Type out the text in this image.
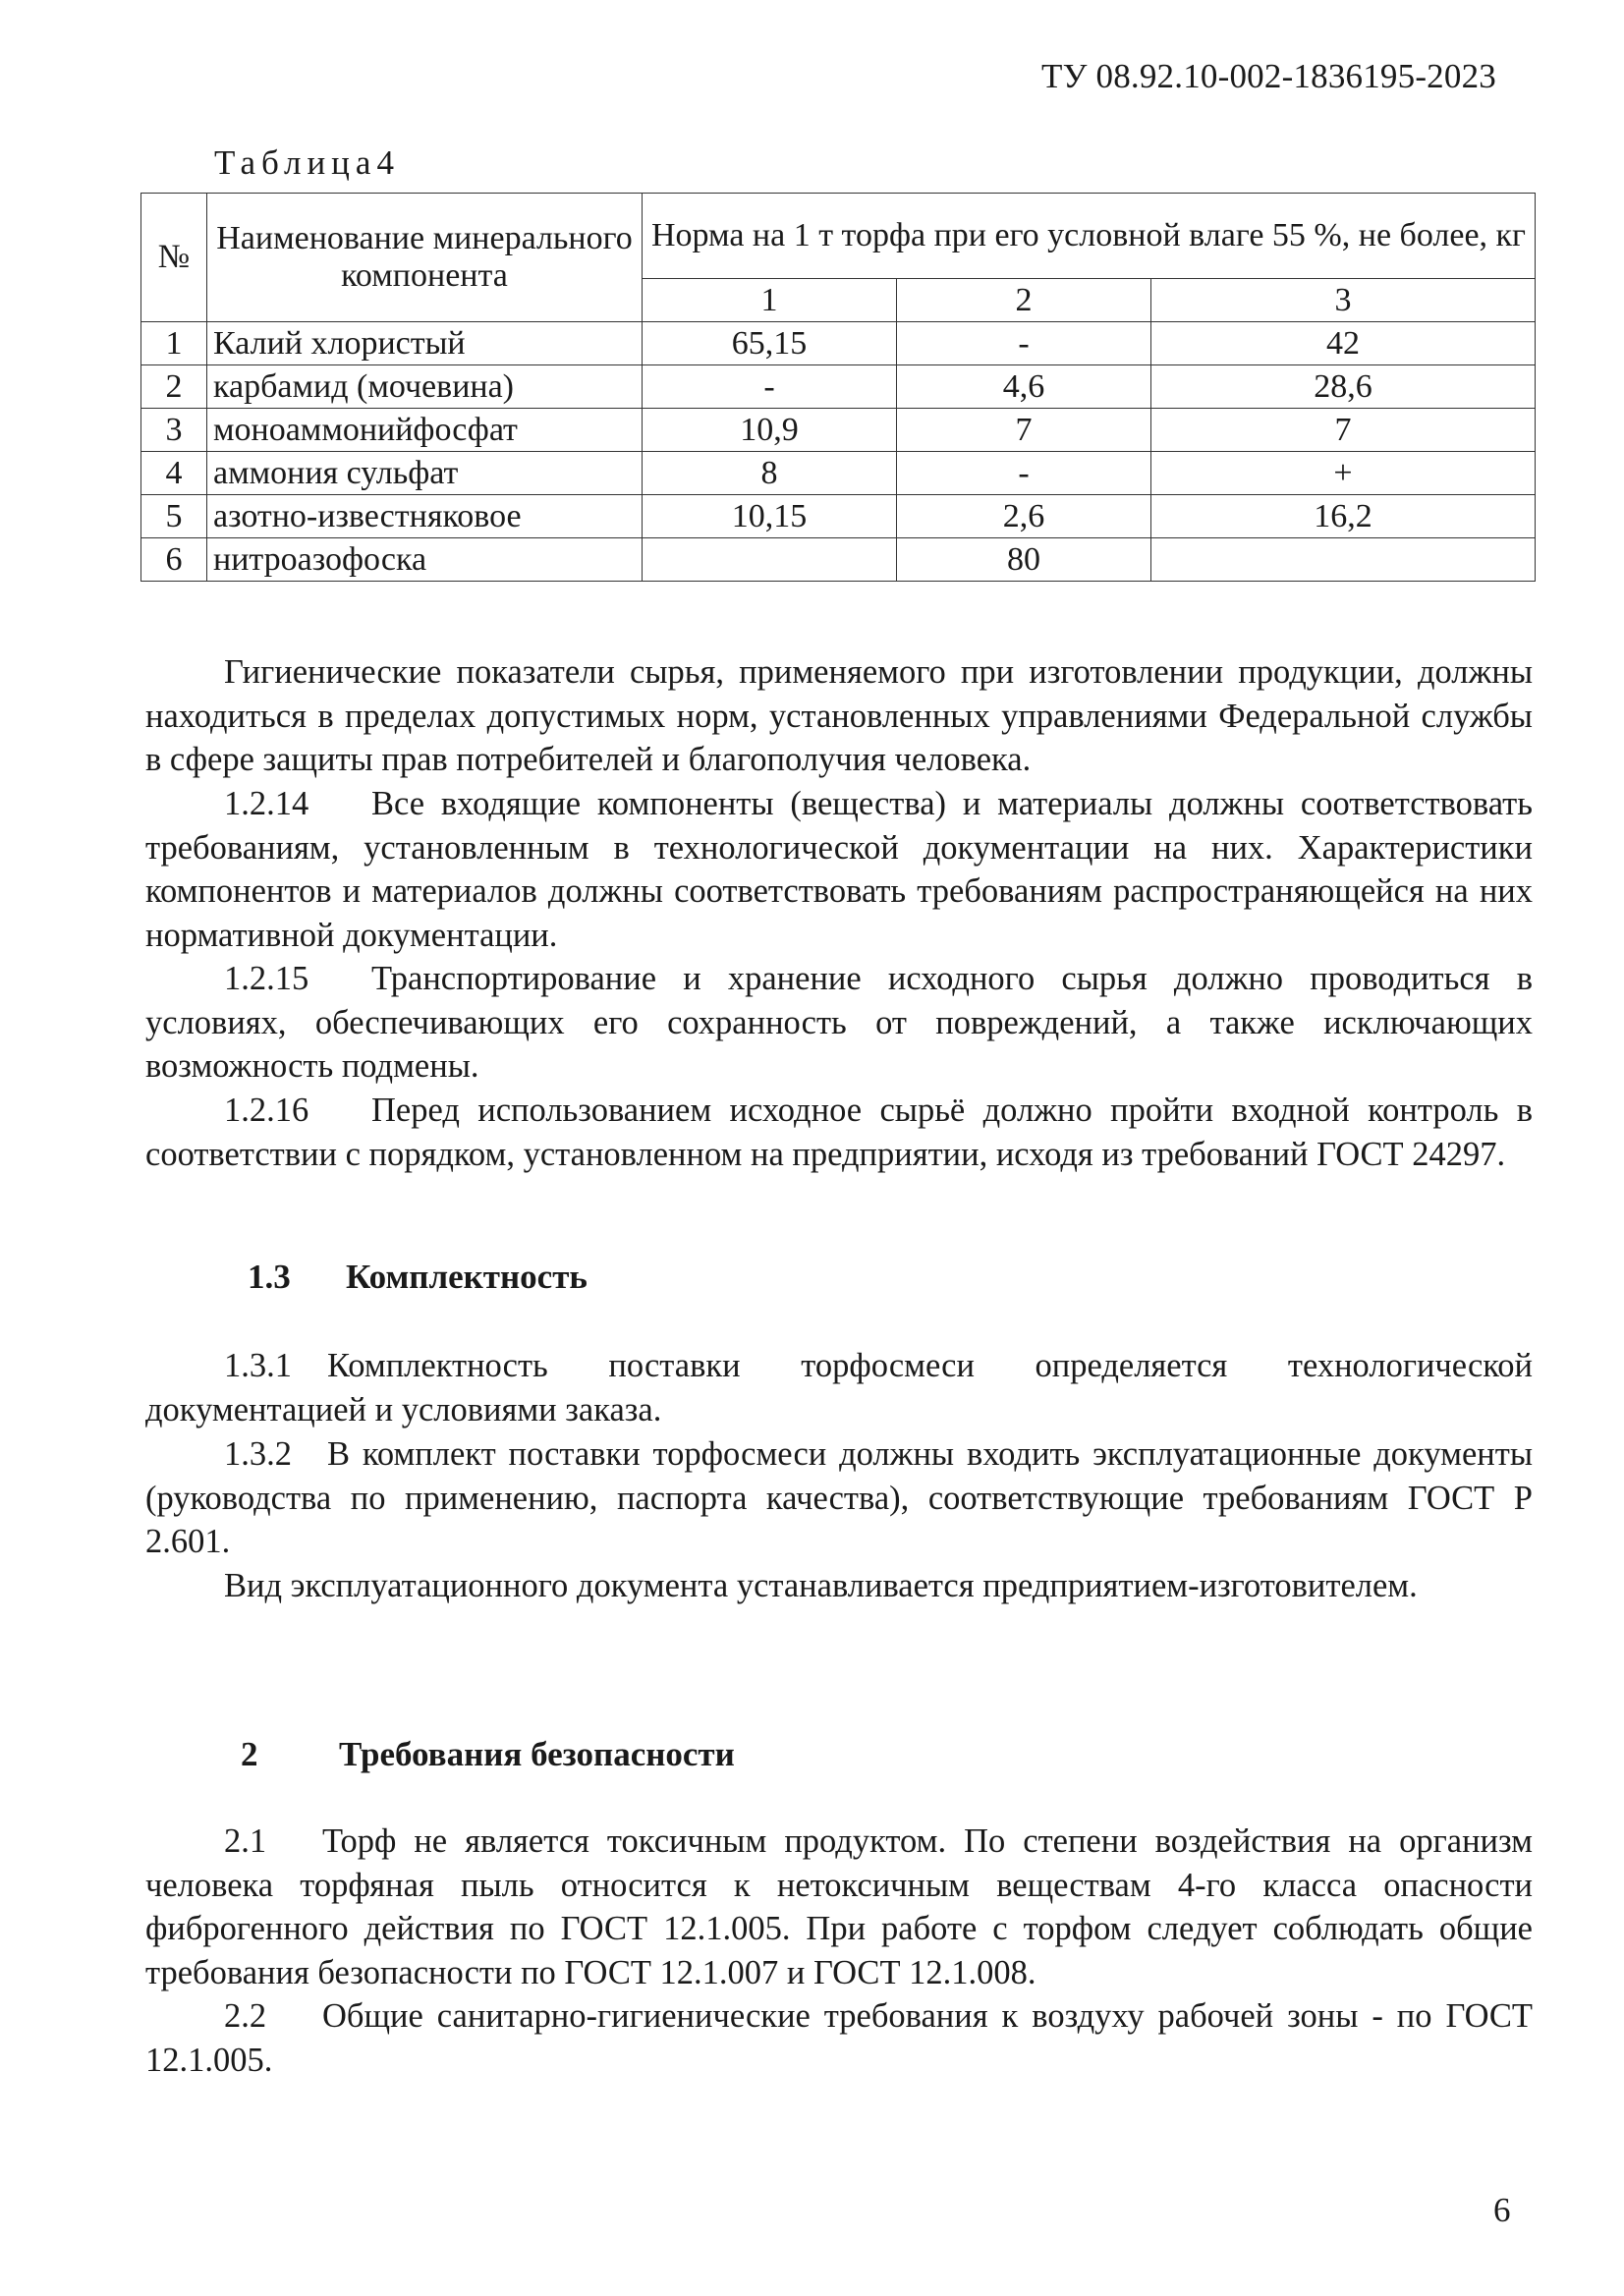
ТУ 08.92.10-002-1836195-2023
Таблица4
№	Наименование минерального компонента	Норма на 1 т торфа при его условной влаге 55 %, не более, кг		
		1	2	3
1	Калий хлористый	65,15	-	42
2	карбамид (мочевина)	-	4,6	28,6
3	моноаммонийфосфат	10,9	7	7
4	аммония сульфат	8	-	+
5	азотно-известняковое	10,15	2,6	16,2
6	нитроазофоска		80	
Гигиенические показатели сырья, применяемого при изготовлении продукции, должны находиться в пределах допустимых норм, установленных управлениями Федеральной службы в сфере защиты прав потребителей и благополучия человека.
1.2.14 Все входящие компоненты (вещества) и материалы должны соответствовать требованиям, установленным в технологической документации на них. Характеристики компонентов и материалов должны соответствовать требованиям распространяющейся на них нормативной документации.
1.2.15 Транспортирование и хранение исходного сырья должно проводиться в условиях, обеспечивающих его сохранность от повреждений, а также исключающих возможность подмены.
1.2.16 Перед использованием исходное сырьё должно пройти входной контроль в соответствии с порядком, установленном на предприятии, исходя из требований ГОСТ 24297.
1.3 Комплектность
1.3.1 Комплектность поставки торфосмеси определяется технологической документацией и условиями заказа.
1.3.2 В комплект поставки торфосмеси должны входить эксплуатационные документы (руководства по применению, паспорта качества), соответствующие требованиям ГОСТ Р 2.601.
Вид эксплуатационного документа устанавливается предприятием-изготовителем.
2 Требования безопасности
2.1 Торф не является токсичным продуктом. По степени воздействия на организм человека торфяная пыль относится к нетоксичным веществам 4-го класса опасности фиброгенного действия по ГОСТ 12.1.005. При работе с торфом следует соблюдать общие требования безопасности по ГОСТ 12.1.007 и ГОСТ 12.1.008.
2.2 Общие санитарно-гигиенические требования к воздуху рабочей зоны - по ГОСТ 12.1.005.
6
